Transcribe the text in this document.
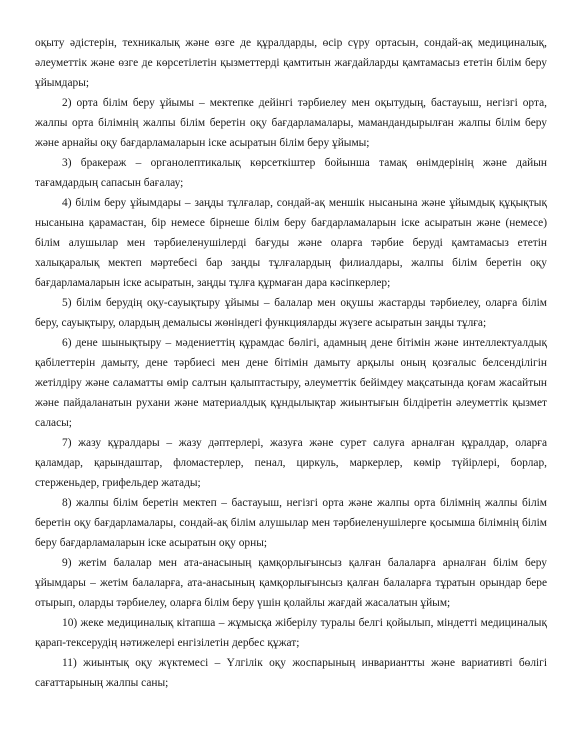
оқыту әдістерін, техникалық және өзге де құралдарды, өсір сүру ортасын, сондай-ақ медициналық, әлеуметтік және өзге де көрсетілетін қызметтерді қамтитын жағдайларды қамтамасыз ететін білім беру ұйымдары;

2) орта білім беру ұйымы – мектепке дейінгі тәрбиелеу мен оқытудың, бастауыш, негізгі орта, жалпы орта білімнің жалпы білім беретін оқу бағдарламалары, мамандандырылған жалпы білім беру және арнайы оқу бағдарламаларын іске асыратын білім беру ұйымы;

3) бракераж – органолептикалық көрсеткіштер бойынша тамақ өнімдерінің және дайын тағамдардың сапасын бағалау;

4) білім беру ұйымдары – заңды тұлғалар, сондай-ақ меншік нысанына және ұйымдық құқықтық нысанына қарамастан, бір немесе бірнеше білім беру бағдарламаларын іске асыратын және (немесе) білім алушылар мен тәрбиеленушілерді бағуды және оларға тәрбие беруді қамтамасыз ететін халықаралық мектеп мәртебесі бар заңды тұлғалардың филиалдары, жалпы білім беретін оқу бағдарламаларын іске асыратын, заңды тұлға құрмаған дара кәсіпкерлер;

5) білім берудің оқу-сауықтыру ұйымы – балалар мен оқушы жастарды тәрбиелеу, оларға білім беру, сауықтыру, олардың демалысы жөніндегі функцияларды жүзеге асыратын заңды тұлға;

6) дене шынықтыру – мәдениеттің құрамдас бөлігі, адамның дене бітімін және интеллектуалдық қабілеттерін дамыту, дене тәрбиесі мен дене бітімін дамыту арқылы оның қозғалыс белсенділігін жетілдіру және саламатты өмір салтын қалыптастыру, әлеуметтік бейімдеу мақсатында қоғам жасайтын және пайдаланатын рухани және материалдық құндылықтар жиынтығын білдіретін әлеуметтік қызмет саласы;

7) жазу құралдары – жазу дәптерлері, жазуға және сурет салуға арналған құралдар, оларға қаламдар, қарындаштар, фломастерлер, пенал, циркуль, маркерлер, көмір түйірлері, борлар, стерженьдер, грифельдер жатады;

8) жалпы білім беретін мектеп – бастауыш, негізгі орта және жалпы орта білімнің жалпы білім беретін оқу бағдарламалары, сондай-ақ білім алушылар мен тәрбиеленушілерге қосымша білімнің білім беру бағдарламаларын іске асыратын оқу орны;

9) жетім балалар мен ата-анасының қамқорлығынсыз қалған балаларға арналған білім беру ұйымдары – жетім балаларға, ата-анасының қамқорлығынсыз қалған балаларға тұратын орындар бере отырып, оларды тәрбиелеу, оларға білім беру үшін қолайлы жағдай жасалатын ұйым;

10) жеке медициналық кітапша – жұмысқа жіберілу туралы белгі қойылып, міндетті медициналық қарап-тексерудің нәтижелері енгізілетін дербес құжат;

11) жиынтық оқу жүктемесі – Үлгілік оқу жоспарының инвариантты және вариативті бөлігі сағаттарының жалпы саны;
